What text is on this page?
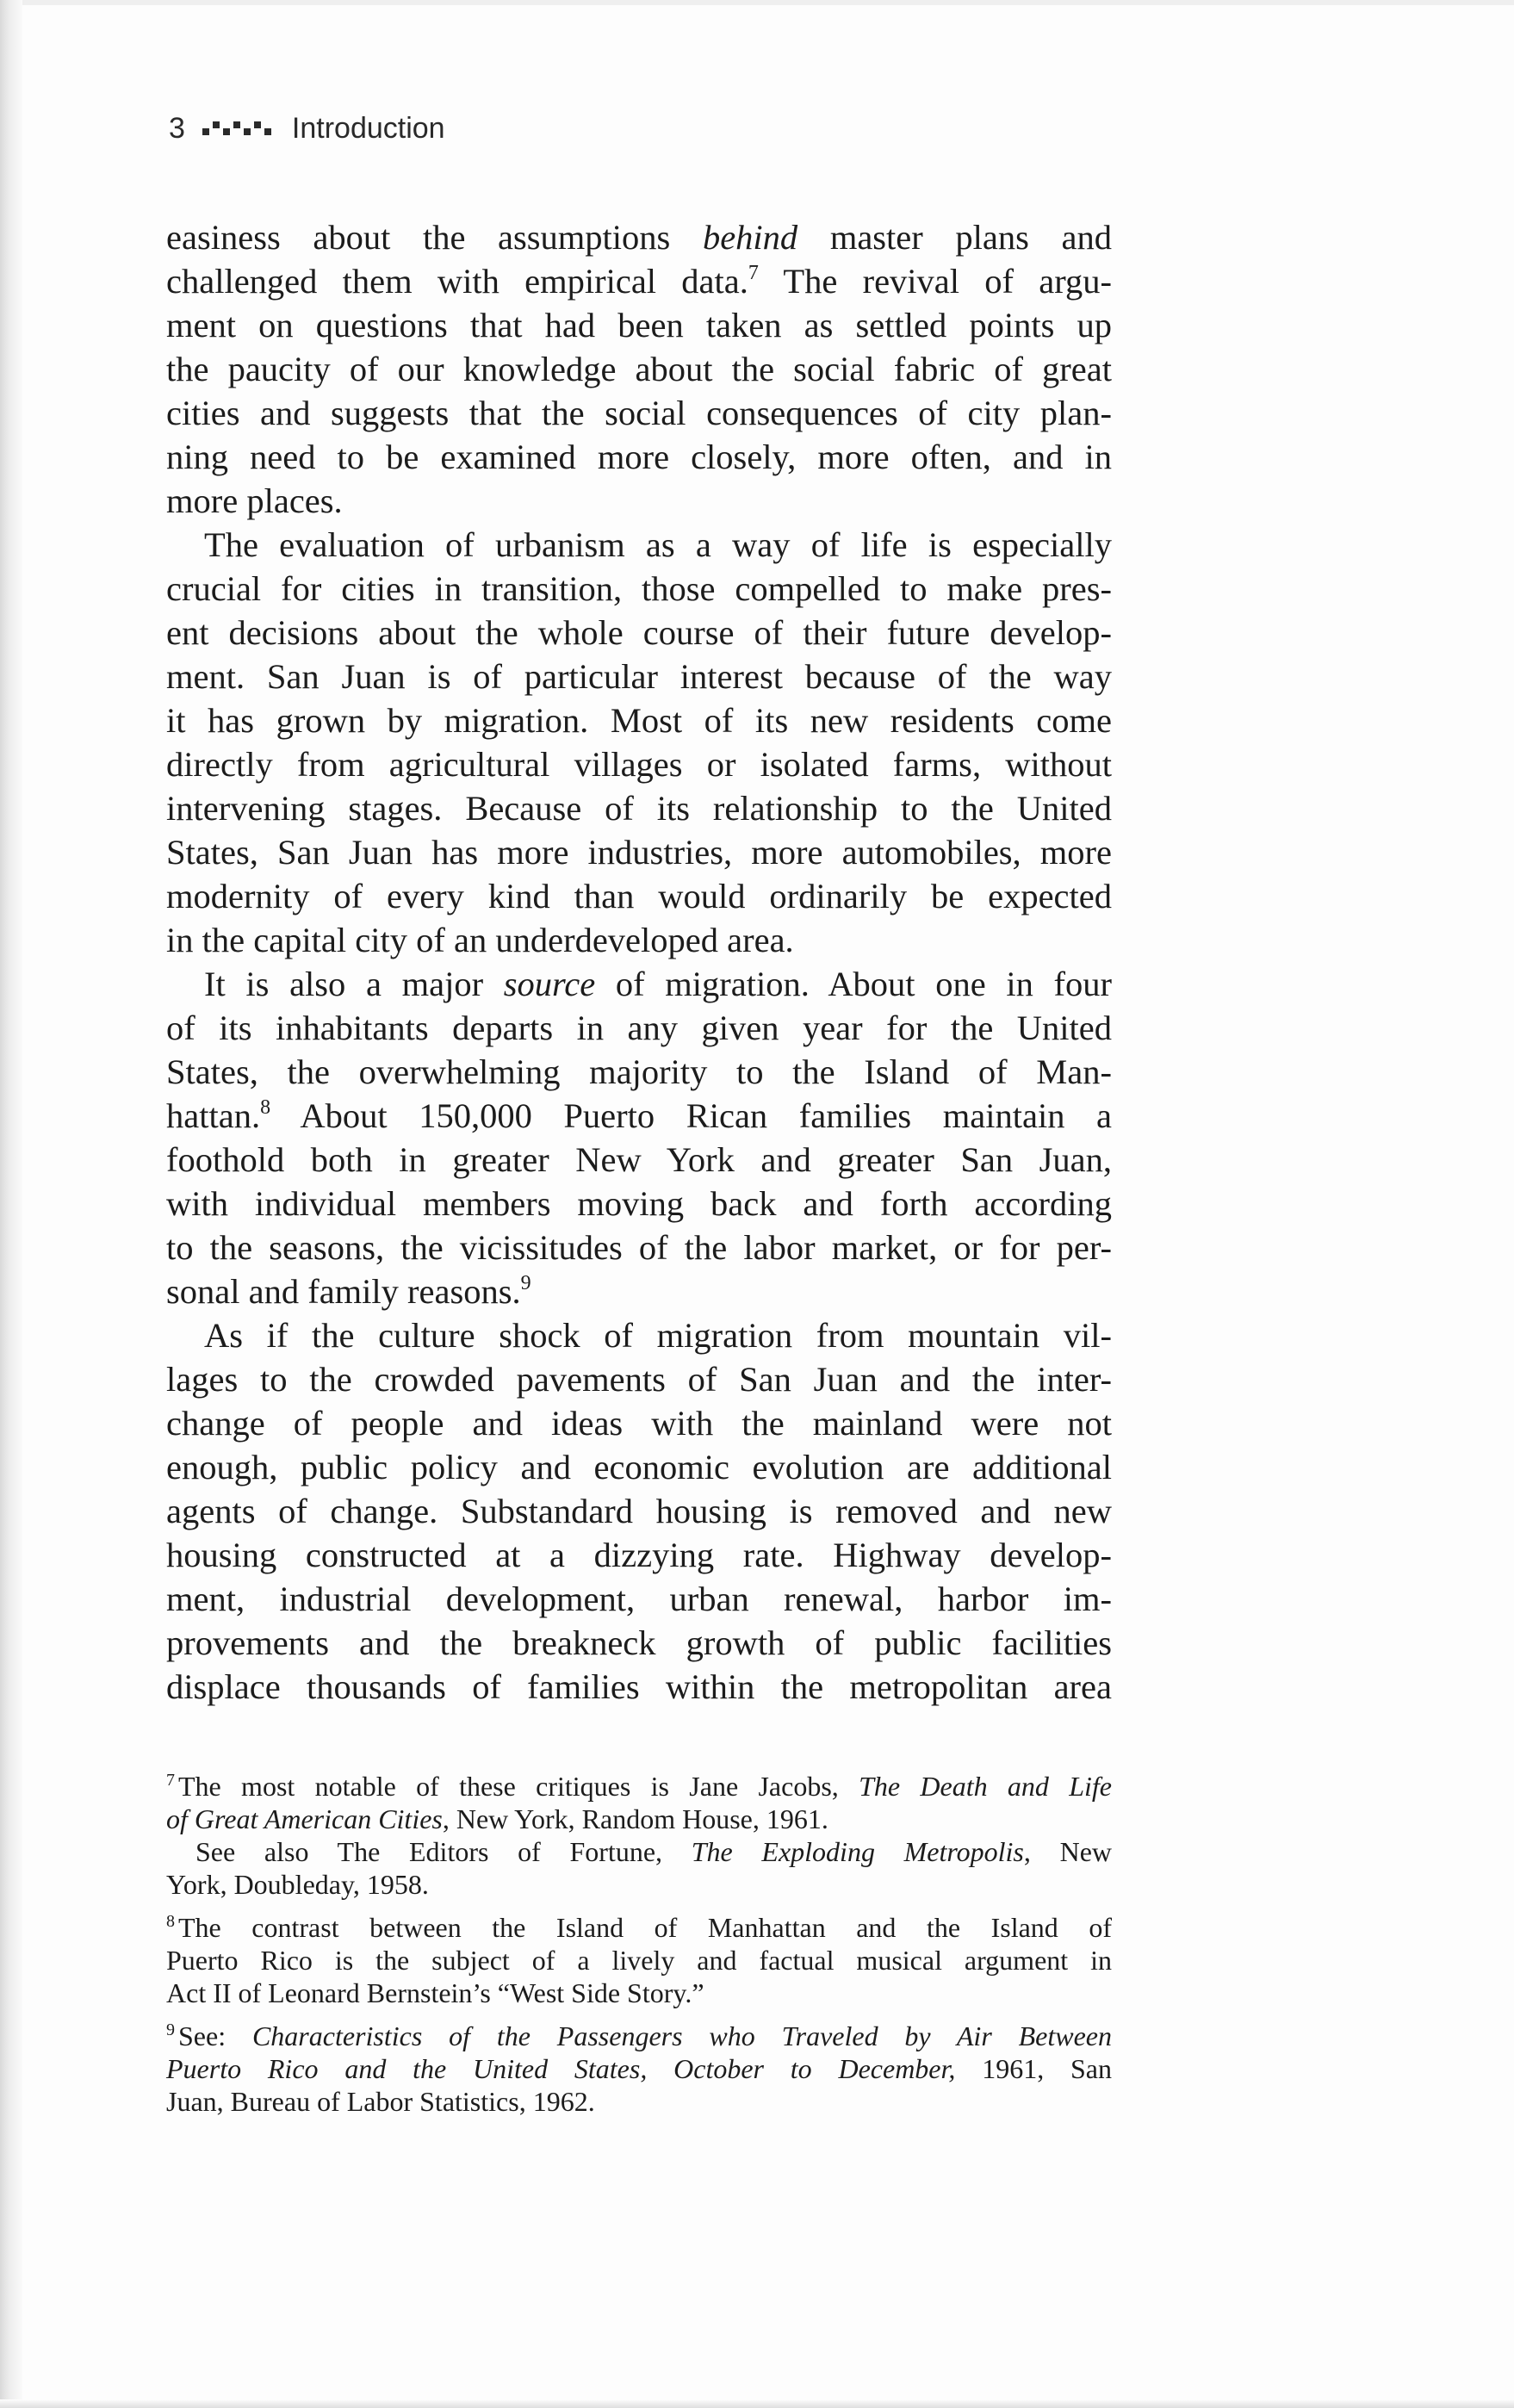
3	Introduction
easiness about the assumptions behind master plans and
challenged them with empirical data.$^7$ The revival of argu-
ment on questions that had been taken as settled points up
the paucity of our knowledge about the social fabric of great
cities and suggests that the social consequences of city plan-
ning need to be examined more closely, more often, and in
more places.
The evaluation of urbanism as a way of life is especially
crucial for cities in transition, those compelled to make pres-
ent decisions about the whole course of their future develop-
ment. San Juan is of particular interest because of the way
it has grown by migration. Most of its new residents come
directly from agricultural villages or isolated farms, without
intervening stages. Because of its relationship to the United
States, San Juan has more industries, more automobiles, more
modernity of every kind than would ordinarily be expected
in the capital city of an underdeveloped area.
It is also a major source of migration. About one in four
of its inhabitants departs in any given year for the United
States, the overwhelming majority to the Island of Man-
hattan.$^8$ About 150,000 Puerto Rican families maintain a
foothold both in greater New York and greater San Juan,
with individual members moving back and forth according
to the seasons, the vicissitudes of the labor market, or for per-
sonal and family reasons.$^9$
As if the culture shock of migration from mountain vil-
lages to the crowded pavements of San Juan and the inter-
change of people and ideas with the mainland were not
enough, public policy and economic evolution are additional
agents of change. Substandard housing is removed and new
housing constructed at a dizzying rate. Highway develop-
ment, industrial development, urban renewal, harbor im-
provements and the breakneck growth of public facilities
displace thousands of families within the metropolitan area
$^7$ The most notable of these critiques is Jane Jacobs, The Death and Life
of Great American Cities, New York, Random House, 1961.
See also The Editors of Fortune, The Exploding Metropolis, New
York, Doubleday, 1958.
$^8$ The contrast between the Island of Manhattan and the Island of
Puerto Rico is the subject of a lively and factual musical argument in
Act II of Leonard Bernstein’s “West Side Story.”
$^9$ See: Characteristics of the Passengers who Traveled by Air Between
Puerto Rico and the United States, October to December, 1961, San
Juan, Bureau of Labor Statistics, 1962.
